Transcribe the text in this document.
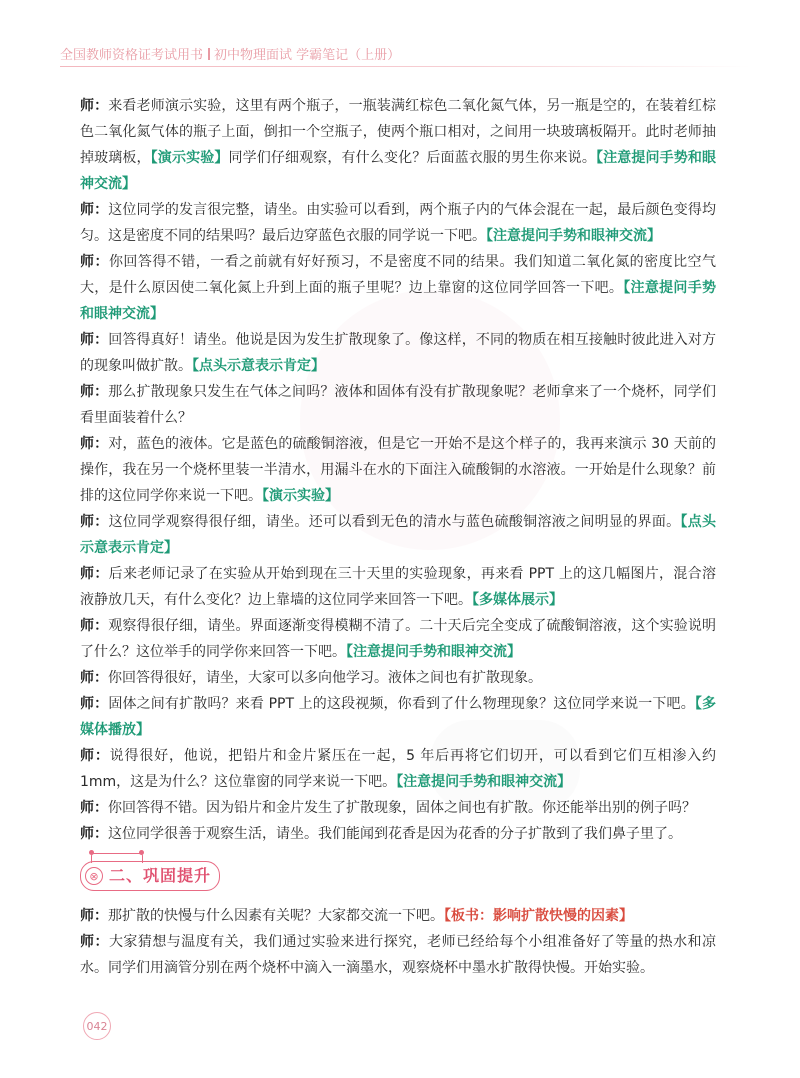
全国教师资格证考试用书 初中物理面试 学霸笔记（上册）

师：来看老师演示实验，这里有两个瓶子，一瓶装满红棕色二氧化氮气体，另一瓶是空的，在装着红棕色二氧化氮气体的瓶子上面，倒扣一个空瓶子，使两个瓶口相对，之间用一块玻璃板隔开。此时老师抽掉玻璃板，【演示实验】同学们仔细观察，有什么变化？后面蓝衣服的男生你来说。【注意提问手势和眼神交流】

师：这位同学的发言很完整，请坐。由实验可以看到，两个瓶子内的气体会混在一起，最后颜色变得均匀。这是密度不同的结果吗？最后边穿蓝色衣服的同学说一下吧。【注意提问手势和眼神交流】

师：你回答得不错，一看之前就有好好预习，不是密度不同的结果。我们知道二氧化氮的密度比空气大，是什么原因使二氧化氮上升到上面的瓶子里呢？边上靠窗的这位同学回答一下吧。【注意提问手势和眼神交流】

师：回答得真好！请坐。他说是因为发生扩散现象了。像这样，不同的物质在相互接触时彼此进入对方的现象叫做扩散。【点头示意表示肯定】

师：那么扩散现象只发生在气体之间吗？液体和固体有没有扩散现象呢？老师拿来了一个烧杯，同学们看里面装着什么？

师：对，蓝色的液体。它是蓝色的硫酸铜溶液，但是它一开始不是这个样子的，我再来演示 30 天前的操作，我在另一个烧杯里装一半清水，用漏斗在水的下面注入硫酸铜的水溶液。一开始是什么现象？前排的这位同学你来说一下吧。【演示实验】

师：这位同学观察得很仔细，请坐。还可以看到无色的清水与蓝色硫酸铜溶液之间明显的界面。【点头示意表示肯定】

师：后来老师记录了在实验从开始到现在三十天里的实验现象，再来看 PPT 上的这几幅图片，混合溶液静放几天，有什么变化？边上靠墙的这位同学来回答一下吧。【多媒体展示】

师：观察得很仔细，请坐。界面逐渐变得模糊不清了。二十天后完全变成了硫酸铜溶液，这个实验说明了什么？这位举手的同学你来回答一下吧。【注意提问手势和眼神交流】

师：你回答得很好，请坐，大家可以多向他学习。液体之间也有扩散现象。

师：固体之间有扩散吗？来看 PPT 上的这段视频，你看到了什么物理现象？这位同学来说一下吧。【多媒体播放】

师：说得很好，他说，把铅片和金片紧压在一起，5 年后再将它们切开，可以看到它们互相渗入约 1mm，这是为什么？这位靠窗的同学来说一下吧。【注意提问手势和眼神交流】

师：你回答得不错。因为铅片和金片发生了扩散现象，固体之间也有扩散。你还能举出别的例子吗？

师：这位同学很善于观察生活，请坐。我们能闻到花香是因为花香的分子扩散到了我们鼻子里了。

⊗ 二、巩固提升

师：那扩散的快慢与什么因素有关呢？大家都交流一下吧。【板书：影响扩散快慢的因素】

师：大家猜想与温度有关，我们通过实验来进行探究，老师已经给每个小组准备好了等量的热水和凉水。同学们用滴管分别在两个烧杯中滴入一滴墨水，观察烧杯中墨水扩散得快慢。开始实验。

042
